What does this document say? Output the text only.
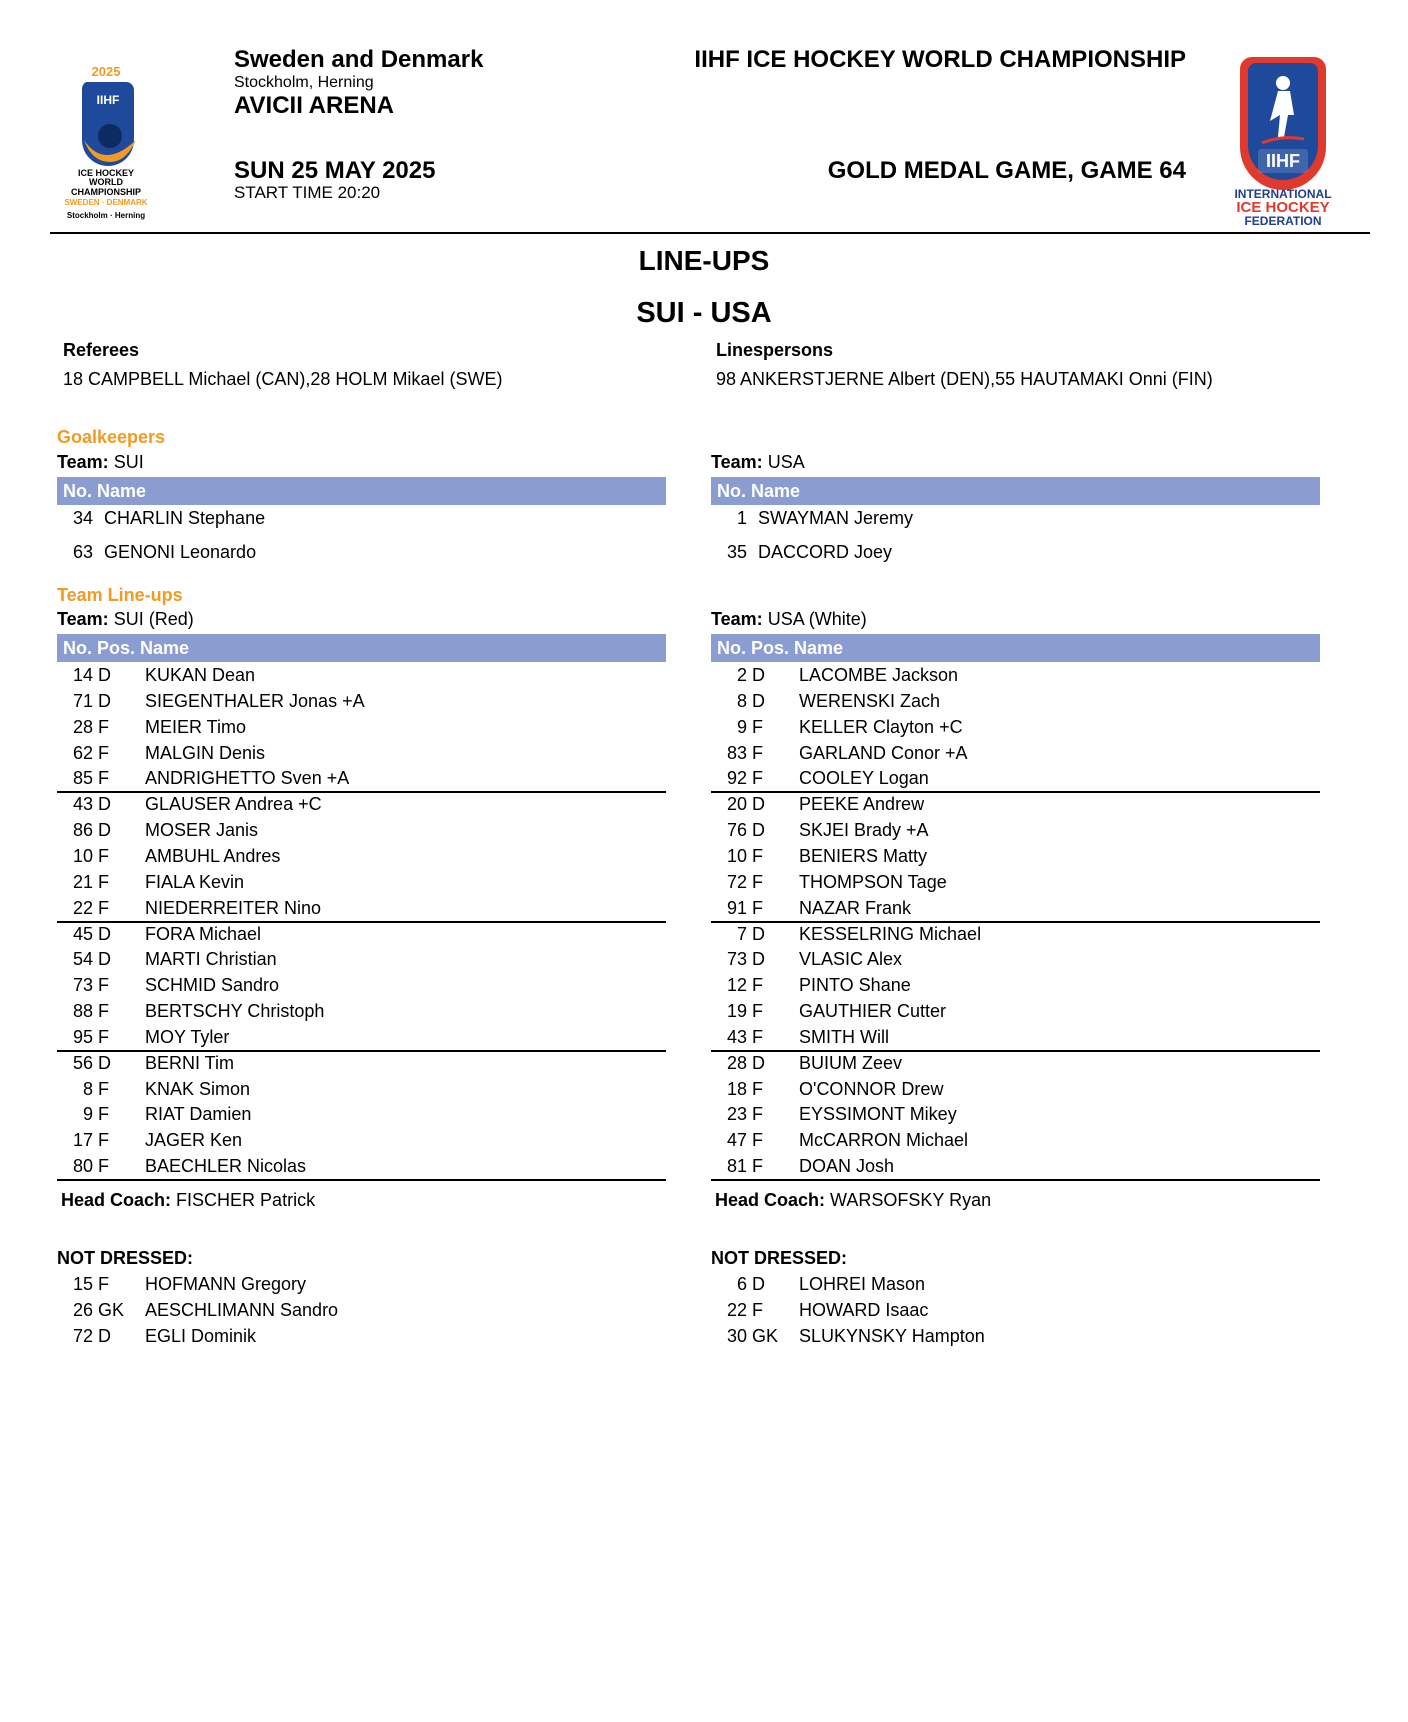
2025
IIHF
ICE HOCKEY
WORLD
CHAMPIONSHIP
SWEDEN · DENMARK
Stockholm · Herning
Sweden and Denmark
Stockholm, Herning
AVICII ARENA
SUN 25 MAY 2025
START TIME 20:20
IIHF ICE HOCKEY WORLD CHAMPIONSHIP
GOLD MEDAL GAME, GAME 64	IIHF
INTERNATIONAL
ICE HOCKEY
FEDERATION
LINE-UPS
SUI - USA
Referees
18 CAMPBELL Michael (CAN),28 HOLM Mikael (SWE)
Linespersons
98 ANKERSTJERNE Albert (DEN),55 HAUTAMAKI Onni (FIN)
Goalkeepers
Team Line-ups
Team: SUI
No. Name
34 CHARLIN Stephane
63 GENONI Leonardo
Team: SUI (Red)
No. Pos. Name
14 D KUKAN Dean
71 D SIEGENTHALER Jonas +A
28 F MEIER Timo
62 F MALGIN Denis
85 F ANDRIGHETTO Sven +A
43 D GLAUSER Andrea +C
86 D MOSER Janis
10 F AMBUHL Andres
21 F FIALA Kevin
22 F NIEDERREITER Nino
45 D FORA Michael
54 D MARTI Christian
73 F SCHMID Sandro
88 F BERTSCHY Christoph
95 F MOY Tyler
56 D BERNI Tim
8 F KNAK Simon
9 F RIAT Damien
17 F JAGER Ken
80 F BAECHLER Nicolas
Head Coach: FISCHER Patrick
NOT DRESSED:
15 F HOFMANN Gregory
26 GK AESCHLIMANN Sandro
72 D EGLI Dominik
Team: USA
No. Name
1 SWAYMAN Jeremy
35 DACCORD Joey
Team: USA (White)
No. Pos. Name
2 D LACOMBE Jackson
8 D WERENSKI Zach
9 F KELLER Clayton +C
83 F GARLAND Conor +A
92 F COOLEY Logan
20 D PEEKE Andrew
76 D SKJEI Brady +A
10 F BENIERS Matty
72 F THOMPSON Tage
91 F NAZAR Frank
7 D KESSELRING Michael
73 D VLASIC Alex
12 F PINTO Shane
19 F GAUTHIER Cutter
43 F SMITH Will
28 D BUIUM Zeev
18 F O'CONNOR Drew
23 F EYSSIMONT Mikey
47 F McCARRON Michael
81 F DOAN Josh
Head Coach: WARSOFSKY Ryan
NOT DRESSED:
6 D LOHREI Mason
22 F HOWARD Isaac
30 GK SLUKYNSKY Hampton
